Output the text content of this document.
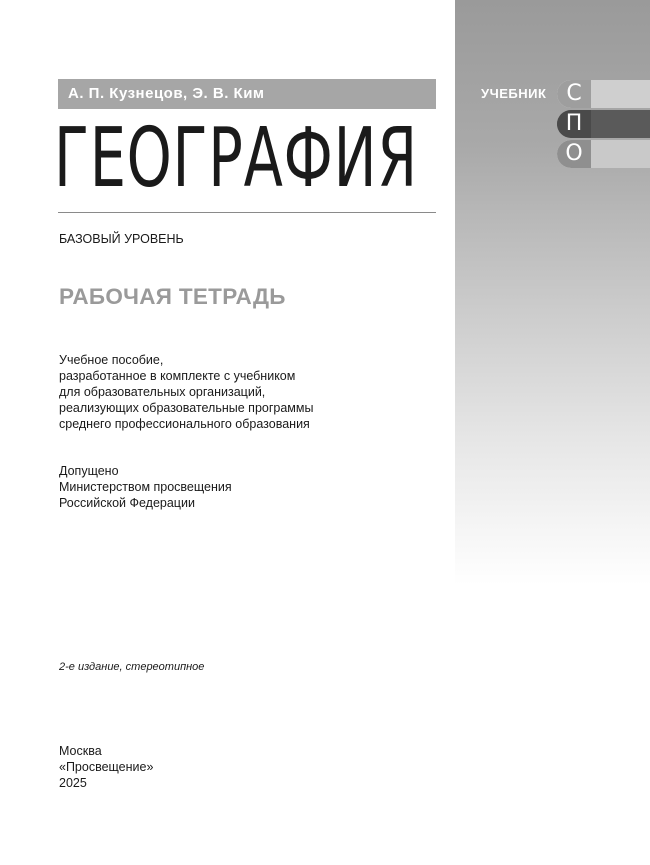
УЧЕБНИК С
П
О
А. П. Кузнецов, Э. В. Ким
ГЕОГРАФИЯ
БАЗОВЫЙ УРОВЕНЬ
РАБОЧАЯ ТЕТРАДЬ
Учебное пособие,
разработанное в комплекте с учебником
для образовательных организаций,
реализующих образовательные программы
среднего профессионального образования
Допущено
Министерством просвещения
Российской Федерации
2-е издание, стереотипное
Москва
«Просвещение»
2025
